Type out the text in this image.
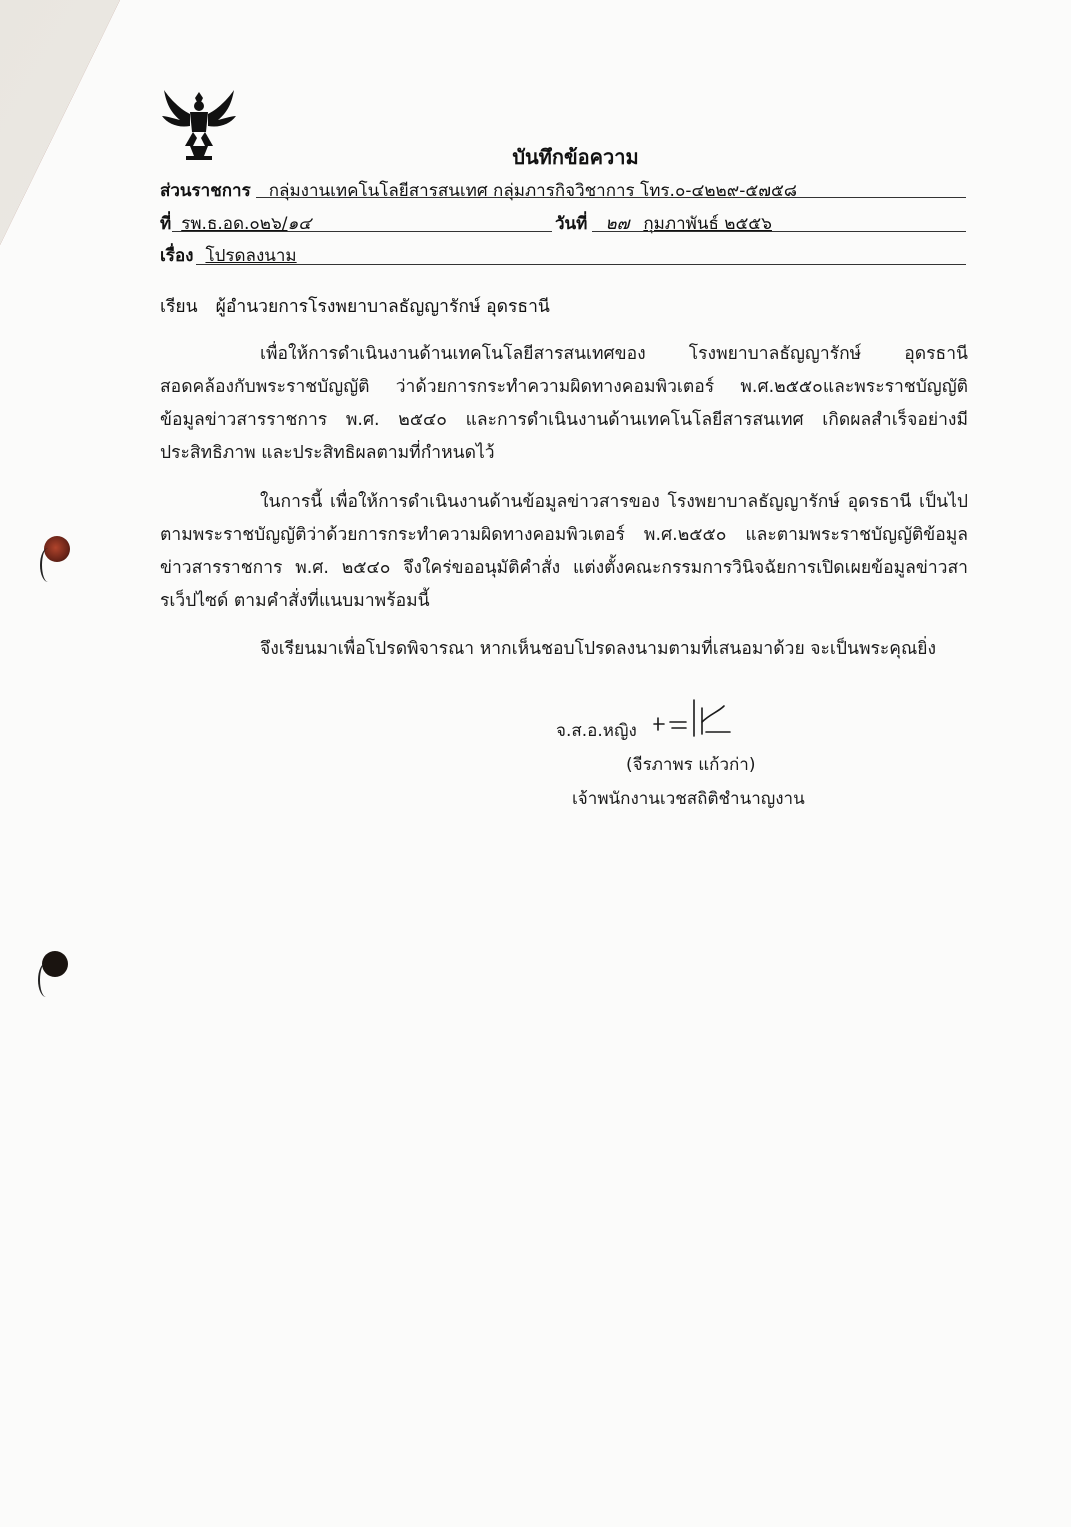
บันทึกข้อความ
ส่วนราชการ กลุ่มงานเทคโนโลยีสารสนเทศ กลุ่มภารกิจวิชาการ โทร.๐-๔๒๒๙-๕๗๕๘
ที่ รพ.ธ.อด.๐๒๖/๑๔	วันที่ ๒๗ กุมภาพันธ์ ๒๕๕๖
เรื่อง โปรดลงนาม
เรียน ผู้อำนวยการโรงพยาบาลธัญญารักษ์ อุดรธานี
เพื่อให้การดำเนินงานด้านเทคโนโลยีสารสนเทศของ โรงพยาบาลธัญญารักษ์ อุดรธานี สอดคล้องกับพระราชบัญญัติ ว่าด้วยการกระทำความผิดทางคอมพิวเตอร์ พ.ศ.๒๕๕๐และพระราชบัญญัติข้อมูลข่าวสารราชการ พ.ศ. ๒๕๔๐ และการดำเนินงานด้านเทคโนโลยีสารสนเทศ เกิดผลสำเร็จอย่างมีประสิทธิภาพ และประสิทธิผลตามที่กำหนดไว้
ในการนี้ เพื่อให้การดำเนินงานด้านข้อมูลข่าวสารของ โรงพยาบาลธัญญารักษ์ อุดรธานี เป็นไปตามพระราชบัญญัติว่าด้วยการกระทำความผิดทางคอมพิวเตอร์ พ.ศ.๒๕๕๐ และตามพระราชบัญญัติข้อมูลข่าวสารราชการ พ.ศ. ๒๕๔๐ จึงใคร่ขออนุมัติคำสั่ง แต่งตั้งคณะกรรมการวินิจฉัยการเปิดเผยข้อมูลข่าวสารเว็ปไซด์ ตามคำสั่งที่แนบมาพร้อมนี้
จึงเรียนมาเพื่อโปรดพิจารณา หากเห็นชอบโปรดลงนามตามที่เสนอมาด้วย จะเป็นพระคุณยิ่ง
จ.ส.อ.หญิง
(จีรภาพร แก้วก่า)
เจ้าพนักงานเวชสถิติชำนาญงาน
